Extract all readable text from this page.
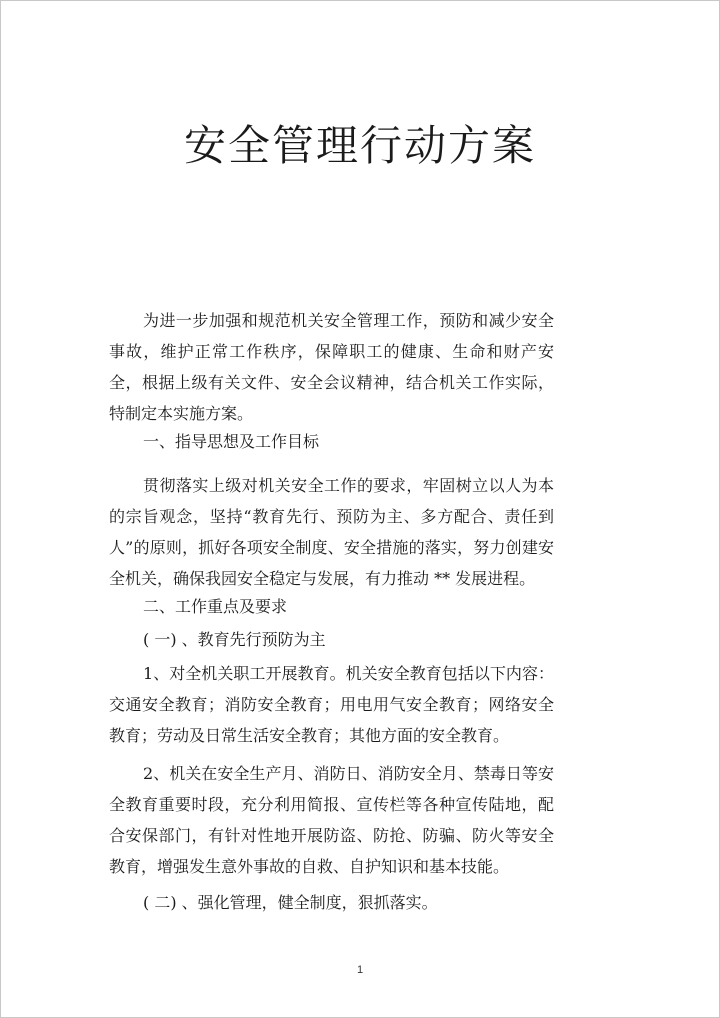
安全管理行动方案

为进一步加强和规范机关安全管理工作，预防和减少安全事故，维护正常工作秩序，保障职工的健康、生命和财产安全，根据上级有关文件、安全会议精神，结合机关工作实际，特制定本实施方案。

一、指导思想及工作目标

贯彻落实上级对机关安全工作的要求，牢固树立以人为本的宗旨观念，坚持“教育先行、预防为主、多方配合、责任到人”的原则，抓好各项安全制度、安全措施的落实，努力创建安全机关，确保我园安全稳定与发展，有力推动 ** 发展进程。

二、工作重点及要求

( 一) 、教育先行预防为主

1、对全机关职工开展教育。机关安全教育包括以下内容：交通安全教育；消防安全教育；用电用气安全教育；网络安全教育；劳动及日常生活安全教育；其他方面的安全教育。

2、机关在安全生产月、消防日、消防安全月、禁毒日等安全教育重要时段，充分利用简报、宣传栏等各种宣传陆地，配合安保部门，有针对性地开展防盗、防抢、防骗、防火等安全教育，增强发生意外事故的自救、自护知识和基本技能。

( 二) 、强化管理，健全制度，狠抓落实。

1
